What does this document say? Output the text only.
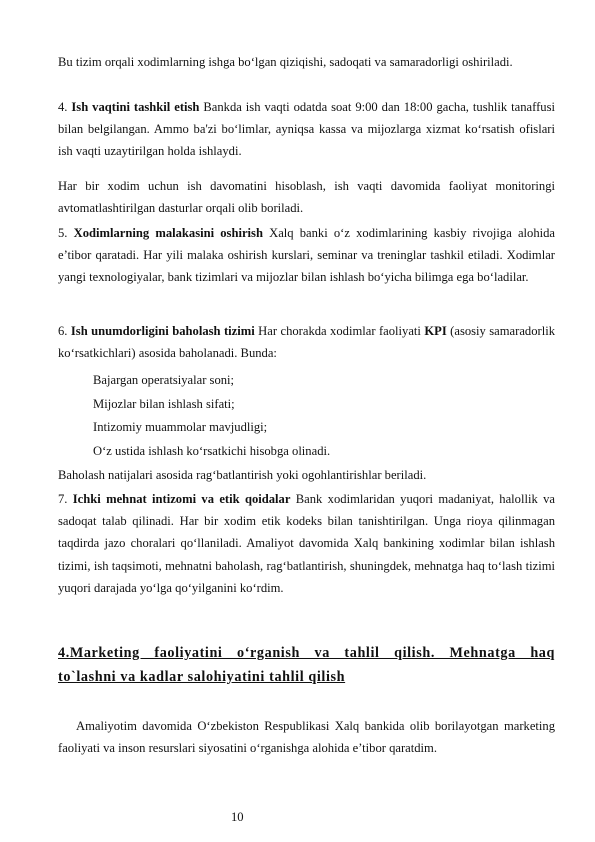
Bu tizim orqali xodimlarning ishga bo‘lgan qiziqishi, sadoqati va samaradorligi oshiriladi.

4. Ish vaqtini tashkil etish Bankda ish vaqti odatda soat 9:00 dan 18:00 gacha, tushlik tanaffusi bilan belgilangan. Ammo ba'zi bo‘limlar, ayniqsa kassa va mijozlarga xizmat ko‘rsatish ofislari ish vaqti uzaytirilgan holda ishlaydi.

Har bir xodim uchun ish davomatini hisoblash, ish vaqti davomida faoliyat monitoringi avtomatlashtirilgan dasturlar orqali olib boriladi.

5. Xodimlarning malakasini oshirish Xalq banki o‘z xodimlarining kasbiy rivojiga alohida e’tibor qaratadi. Har yili malaka oshirish kurslari, seminar va treninglar tashkil etiladi. Xodimlar yangi texnologiyalar, bank tizimlari va mijozlar bilan ishlash bo‘yicha bilimga ega bo‘ladilar.

6. Ish unumdorligini baholash tizimi Har chorakda xodimlar faoliyati KPI (asosiy samaradorlik ko‘rsatkichlari) asosida baholanadi. Bunda:

Bajargan operatsiyalar soni;

Mijozlar bilan ishlash sifati;

Intizomiy muammolar mavjudligi;

O‘z ustida ishlash ko‘rsatkichi hisobga olinadi.

Baholash natijalari asosida rag‘batlantirish yoki ogohlantirishlar beriladi.

7. Ichki mehnat intizomi va etik qoidalar Bank xodimlaridan yuqori madaniyat, halollik va sadoqat talab qilinadi. Har bir xodim etik kodeks bilan tanishtirilgan. Unga rioya qilinmagan taqdirda jazo choralari qo‘llaniladi. Amaliyot davomida Xalq bankining xodimlar bilan ishlash tizimi, ish taqsimoti, mehnatni baholash, rag‘batlantirish, shuningdek, mehnatga haq to‘lash tizimi yuqori darajada yo‘lga qo‘yilganini ko‘rdim.

4.Marketing faoliyatini o‘rganish va tahlil qilish. Mehnatga haq
to`lashni va kadlar salohiyatini tahlil qilish

Amaliyotim davomida O‘zbekiston Respublikasi Xalq bankida olib borilayotgan marketing faoliyati va inson resurslari siyosatini o‘rganishga alohida e’tibor qaratdim.

10
